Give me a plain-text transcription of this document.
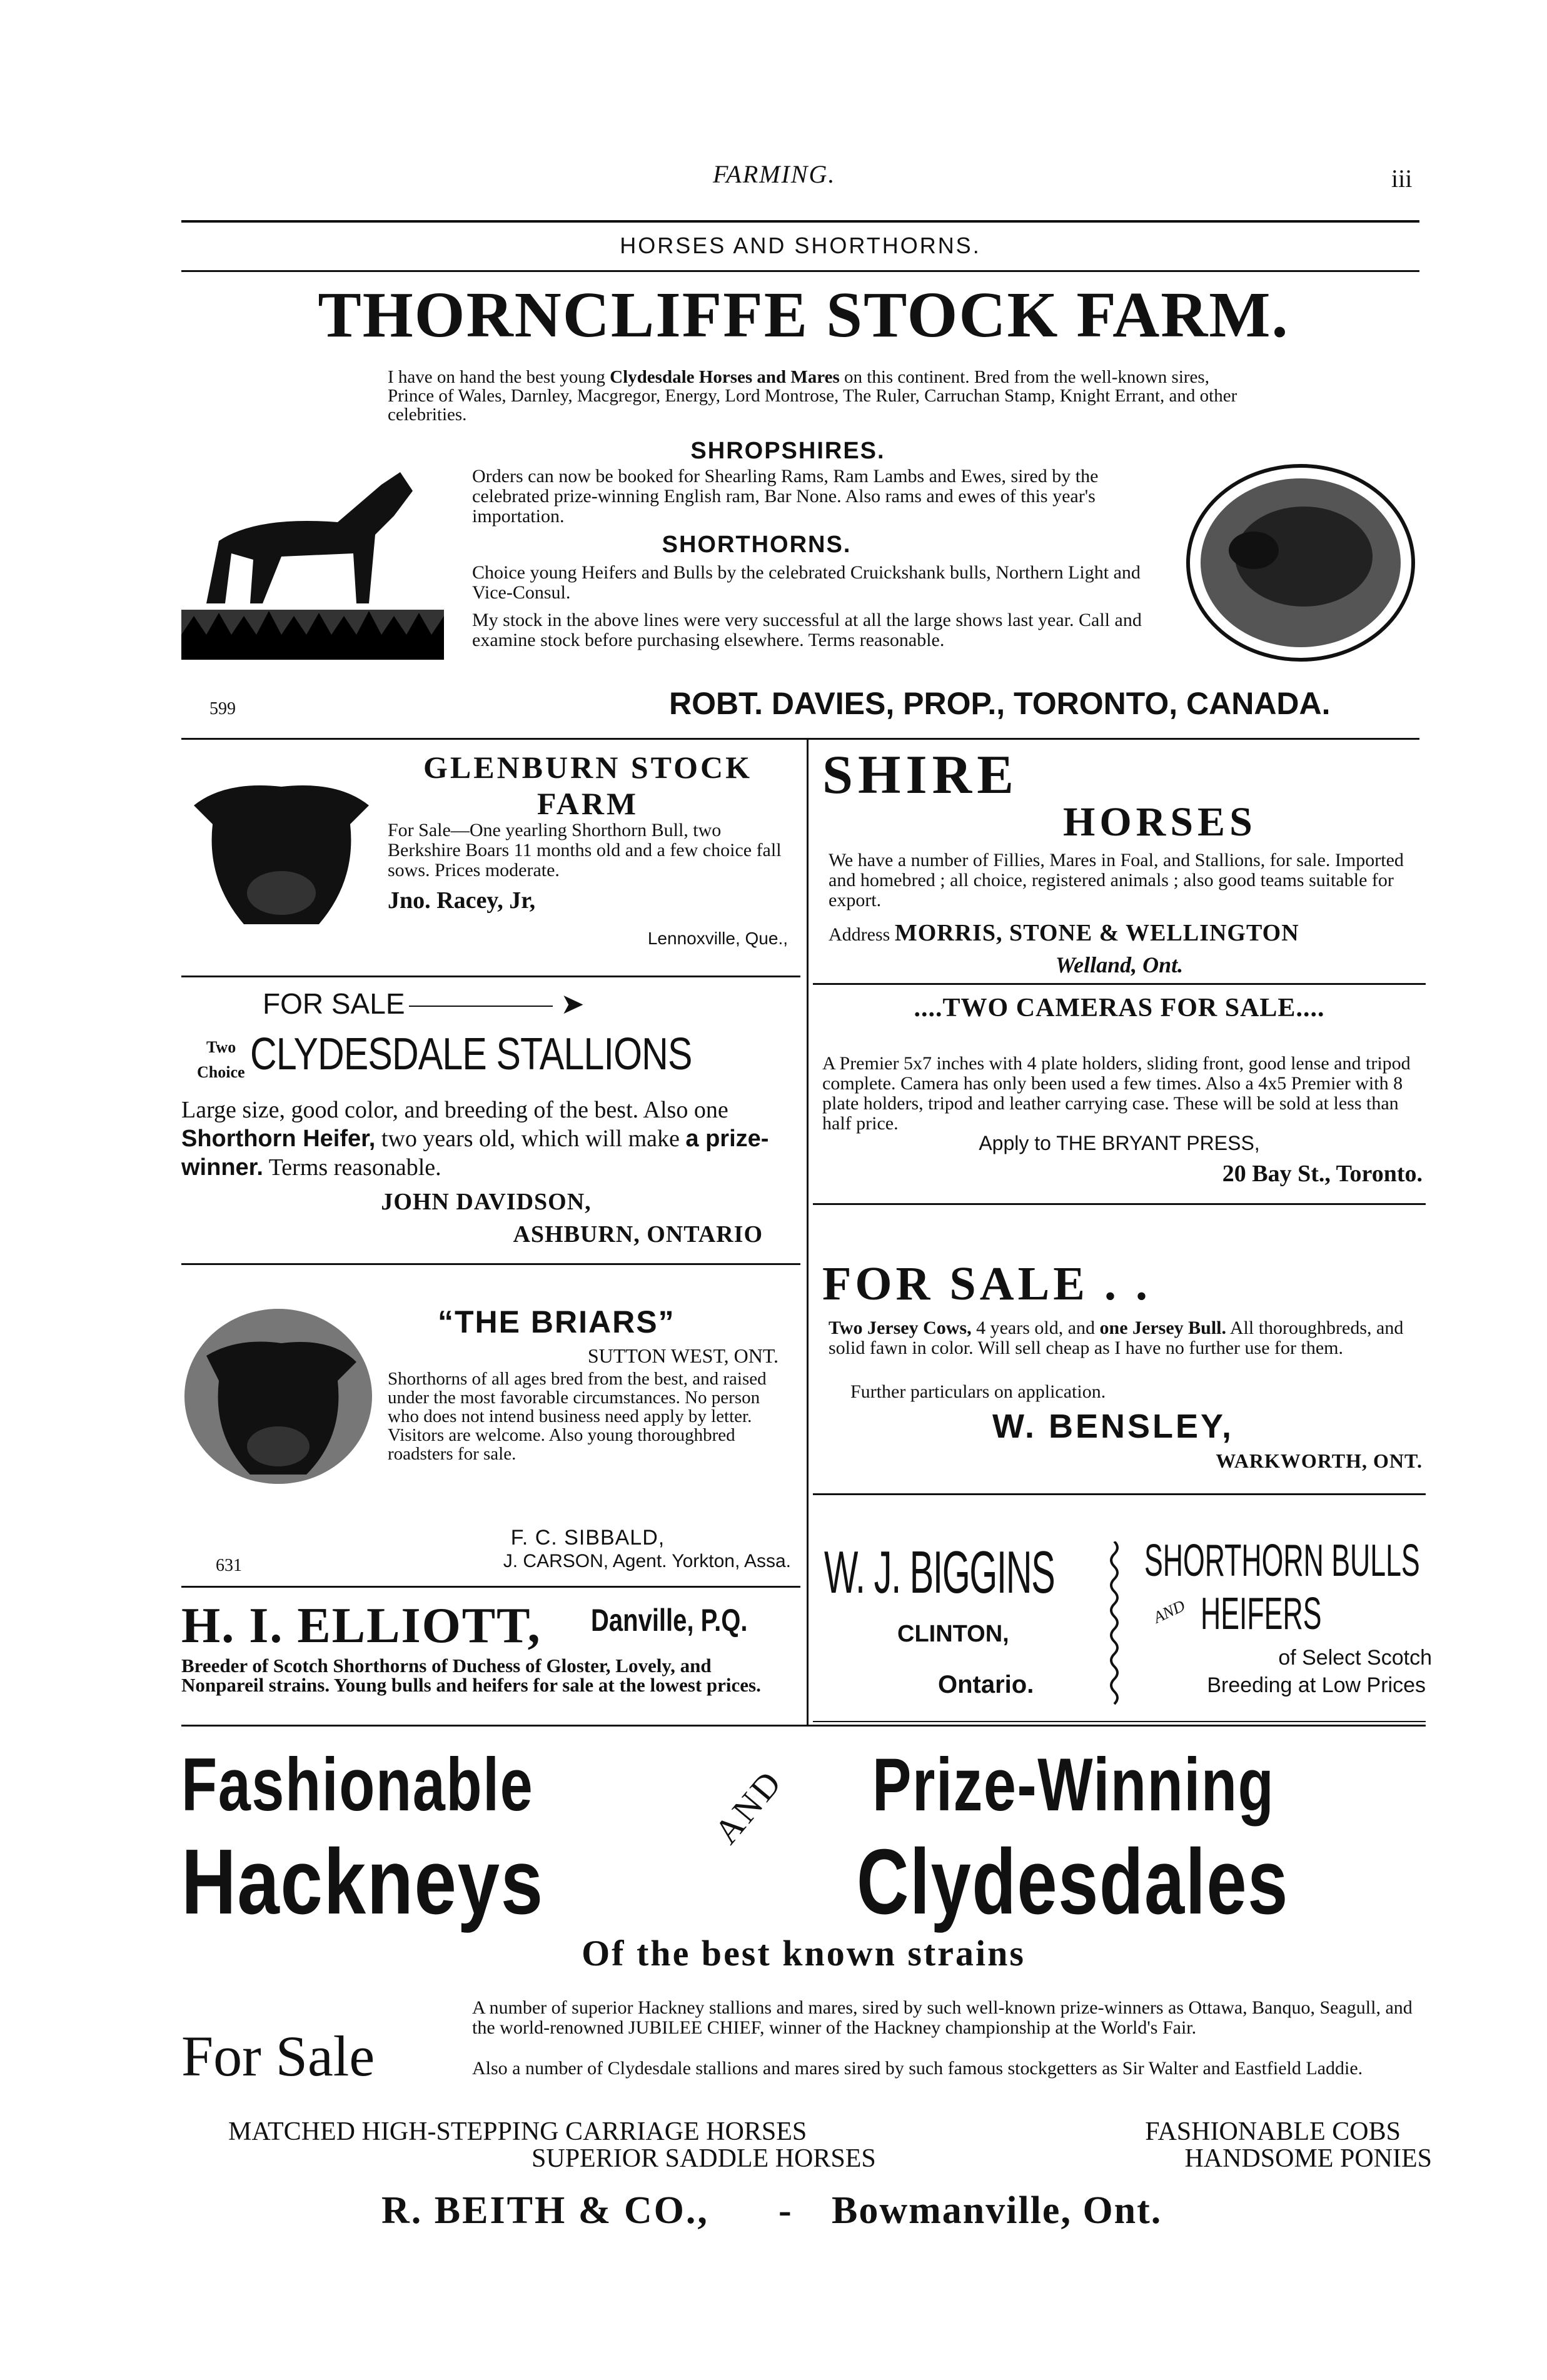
FARMING.	iii
HORSES AND SHORTHORNS.
THORNCLIFFE STOCK FARM.
I have on hand the best young Clydesdale Horses and Mares on this continent. Bred from the well-known sires, Prince of Wales, Darnley, Macgregor, Energy, Lord Montrose, The Ruler, Carruchan Stamp, Knight Errant, and other celebrities.
SHROPSHIRES.
Orders can now be booked for Shearling Rams, Ram Lambs and Ewes, sired by the celebrated prize-winning English ram, Bar None. Also rams and ewes of this year's importation.
SHORTHORNS.
Choice young Heifers and Bulls by the celebrated Cruickshank bulls, Northern Light and Vice-Consul.
My stock in the above lines were very successful at all the large shows last year. Call and examine stock before purchasing elsewhere. Terms reasonable.
599	ROBT. DAVIES, PROP., TORONTO, CANADA.
GLENBURN STOCK FARM
For Sale—One yearling Shorthorn Bull, two Berkshire Boars 11 months old and a few choice fall sows. Prices moderate.
Jno. Racey, Jr,
Lennoxville, Que.,
SHIRE
HORSES
We have a number of Fillies, Mares in Foal, and Stallions, for sale. Imported and homebred ; all choice, registered animals ; also good teams suitable for export.
Address MORRIS, STONE & WELLINGTON
Welland, Ont.
FOR SALE	➤
Two
Choice CLYDESDALE STALLIONS
Large size, good color, and breeding of the best. Also one Shorthorn Heifer, two years old, which will make a prize-winner. Terms reasonable.
JOHN DAVIDSON,
ASHBURN, ONTARIO
....TWO CAMERAS FOR SALE....
A Premier 5x7 inches with 4 plate holders, sliding front, good lense and tripod complete. Camera has only been used a few times. Also a 4x5 Premier with 8 plate holders, tripod and leather carrying case. These will be sold at less than half price.
Apply to THE BRYANT PRESS,
20 Bay St., Toronto.
“THE BRIARS”
SUTTON WEST, ONT.
Shorthorns of all ages bred from the best, and raised under the most favorable circumstances. No person who does not intend business need apply by letter. Visitors are welcome. Also young thoroughbred roadsters for sale.
F. C. SIBBALD,
631	J. CARSON, Agent. Yorkton, Assa.
FOR SALE . .
Two Jersey Cows, 4 years old, and one Jersey Bull. All thoroughbreds, and solid fawn in color. Will sell cheap as I have no further use for them.
Further particulars on application.
W. BENSLEY,
WARKWORTH, ONT.
H. I. ELLIOTT, Danville, P.Q.
Breeder of Scotch Shorthorns of Duchess of Gloster, Lovely, and Nonpareil strains. Young bulls and heifers for sale at the lowest prices.
W. J. BIGGINS
CLINTON,
Ontario.
SHORTHORN BULLS
AND HEIFERS
of Select Scotch
Breeding at Low Prices
Fashionable
Hackneys
AND Prize-Winning
Clydesdales
Of the best known strains
For Sale
A number of superior Hackney stallions and mares, sired by such well-known prize-winners as Ottawa, Banquo, Seagull, and the world-renowned JUBILEE CHIEF, winner of the Hackney championship at the World's Fair.
Also a number of Clydesdale stallions and mares sired by such famous stockgetters as Sir Walter and Eastfield Laddie.
MATCHED HIGH-STEPPING CARRIAGE HORSES	FASHIONABLE COBS
SUPERIOR SADDLE HORSES	HANDSOME PONIES
R. BEITH & CO., - Bowmanville, Ont.
